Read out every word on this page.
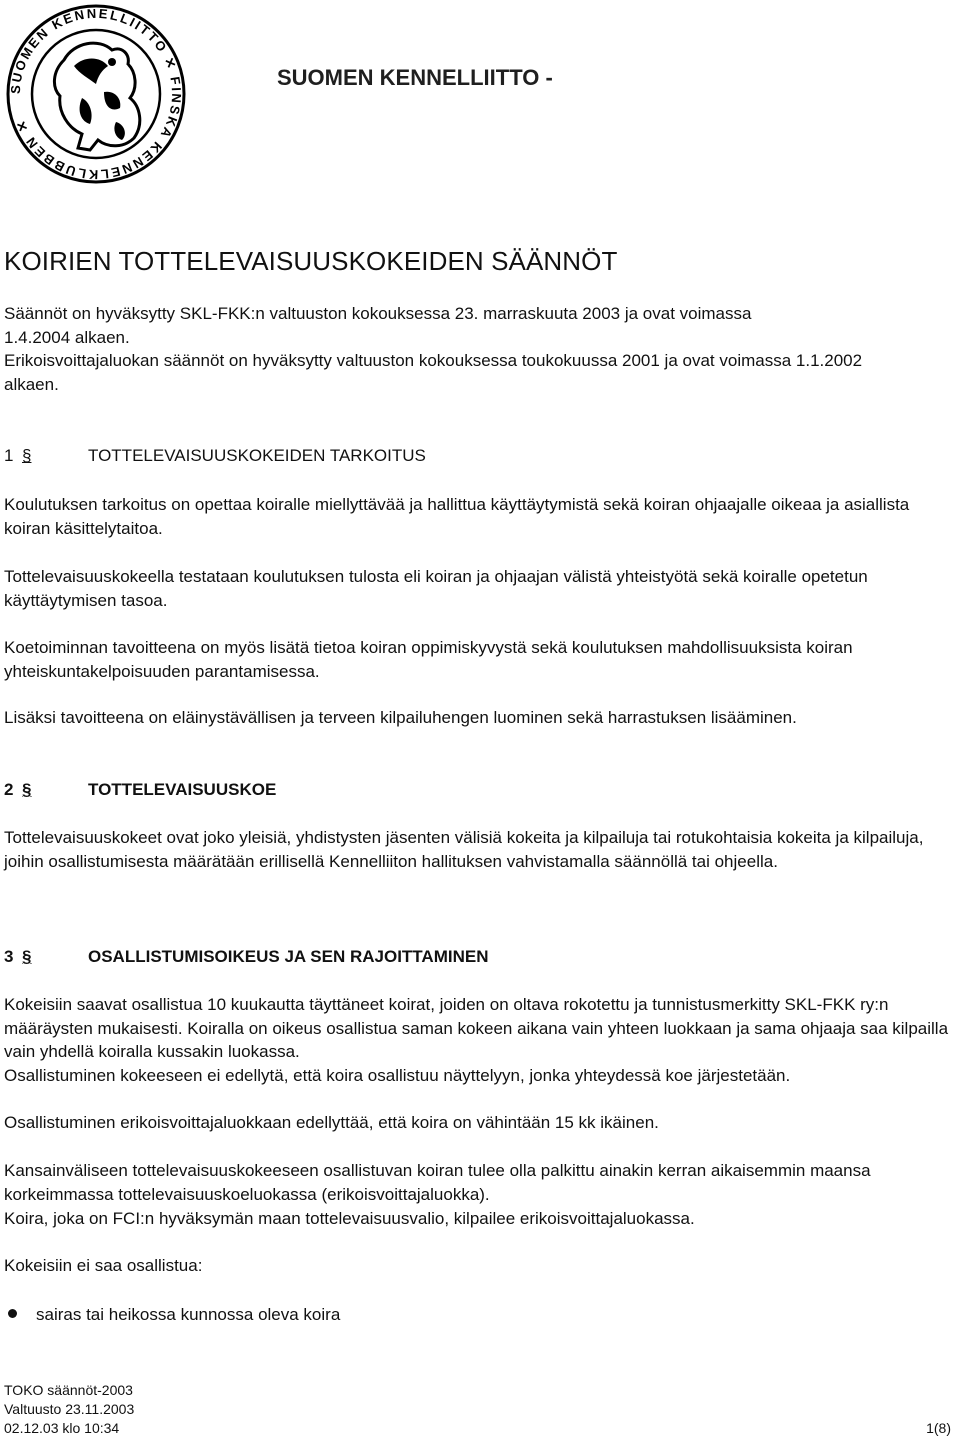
SUOMEN KENNELLIITTO ✕ FINSKA KENNELKLUBBEN ✕

SUOMEN KENNELLIITTO -

KOIRIEN TOTTELEVAISUUSKOKEIDEN SÄÄNNÖT

Säännöt on hyväksytty SKL-FKK:n valtuuston kokouksessa 23. marraskuuta 2003 ja ovat voimassa 1.4.2004 alkaen.

Erikoisvoittajaluokan säännöt on hyväksytty valtuuston kokouksessa toukokuussa 2001 ja ovat voimassa 1.1.2002 alkaen.

1 §	TOTTELEVAISUUSKOKEIDEN TARKOITUS

Koulutuksen tarkoitus on opettaa koiralle miellyttävää ja hallittua käyttäytymistä sekä koiran ohjaajalle oikeaa ja asiallista koiran käsittelytaitoa.

Tottelevaisuuskokeella testataan koulutuksen tulosta eli koiran ja ohjaajan välistä yhteistyötä sekä koiralle opetetun käyttäytymisen tasoa.

Koetoiminnan tavoitteena on myös lisätä tietoa koiran oppimiskyvystä sekä koulutuksen mahdollisuuksista koiran yhteiskuntakelpoisuuden parantamisessa.

Lisäksi tavoitteena on eläinystävällisen ja terveen kilpailuhengen luominen sekä harrastuksen lisääminen.

2 §	TOTTELEVAISUUSKOE

Tottelevaisuuskokeet ovat joko yleisiä, yhdistysten jäsenten välisiä kokeita ja kilpailuja tai rotukohtaisia kokeita ja kilpailuja, joihin osallistumisesta määrätään erillisellä Kennelliiton hallituksen vahvistamalla säännöllä tai ohjeella.

3 §	OSALLISTUMISOIKEUS JA SEN RAJOITTAMINEN

Kokeisiin saavat osallistua 10 kuukautta täyttäneet koirat, joiden on oltava rokotettu ja tunnistusmerkitty SKL-FKK ry:n määräysten mukaisesti. Koiralla on oikeus osallistua saman kokeen aikana vain yhteen luokkaan ja sama ohjaaja saa kilpailla vain yhdellä koiralla kussakin luokassa.

Osallistuminen kokeeseen ei edellytä, että koira osallistuu näyttelyyn, jonka yhteydessä koe järjestetään.

Osallistuminen erikoisvoittajaluokkaan edellyttää, että koira on vähintään 15 kk ikäinen.

Kansainväliseen tottelevaisuuskokeeseen osallistuvan koiran tulee olla palkittu ainakin kerran aikaisemmin maansa korkeimmassa tottelevaisuuskoeluokassa (erikoisvoittajaluokka).

Koira, joka on FCI:n hyväksymän maan tottelevaisuusvalio, kilpailee erikoisvoittajaluokassa.

Kokeisiin ei saa osallistua:

sairas tai heikossa kunnossa oleva koira
TOKO säännöt-2003
Valtuusto 23.11.2003
02.12.03 klo 10:34	1(8)
